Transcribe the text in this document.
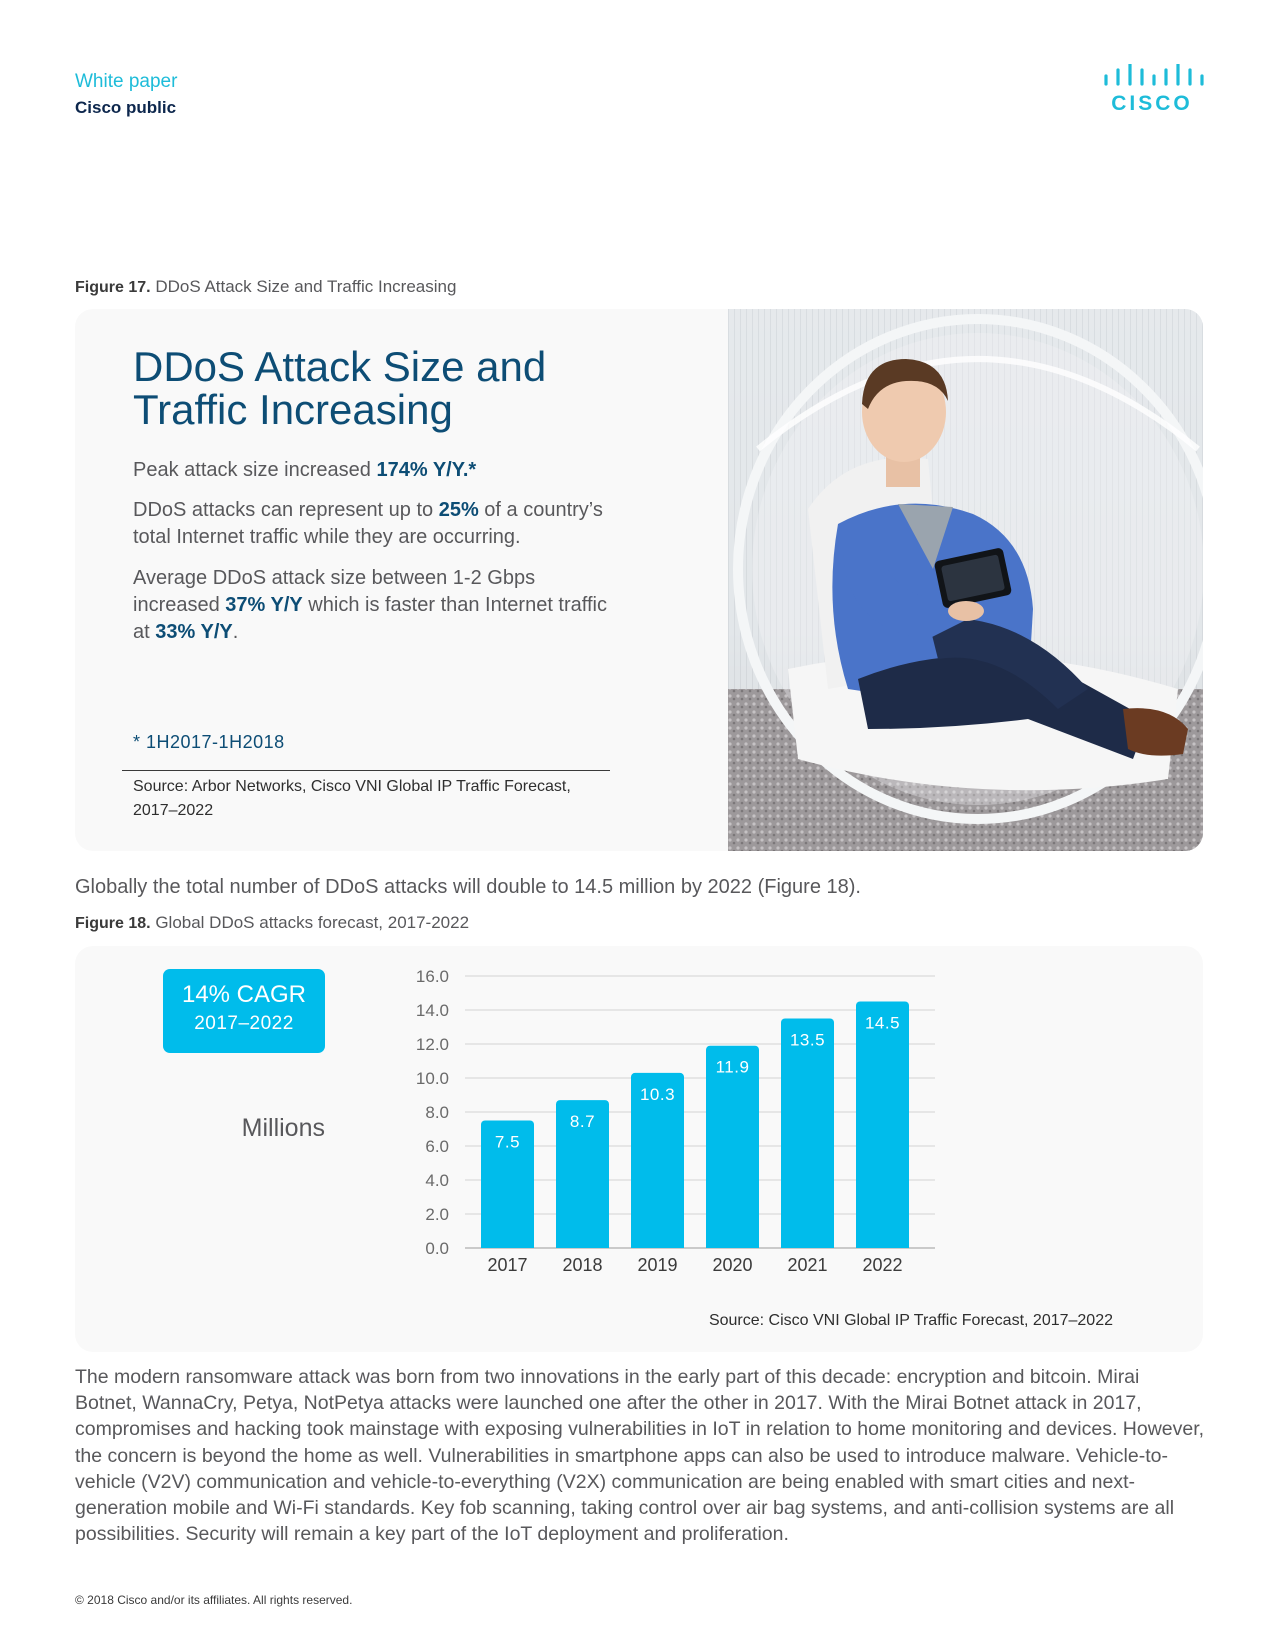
White paper
Cisco public	CISCO
Figure 17. DDoS Attack Size and Traffic Increasing
DDoS Attack Size and
Traffic Increasing
Peak attack size increased 174% Y/Y.*
DDoS attacks can represent up to 25% of a country’s
total Internet traffic while they are occurring.
Average DDoS attack size between 1-2 Gbps
increased 37% Y/Y which is faster than Internet traffic
at 33% Y/Y.
* 1H2017-1H2018
Source: Arbor Networks, Cisco VNI Global IP Traffic Forecast,
2017–2022
Globally the total number of DDoS attacks will double to 14.5 million by 2022 (Figure 18).
Figure 18. Global DDoS attacks forecast, 2017-2022
14% CAGR
2017–2022
Millions
0.0
2.0
4.0
6.0
8.0
10.0
12.0
14.0
16.0
7.5
2017
8.7
2018
10.3
2019
11.9
2020
13.5
2021
14.5
2022
Source: Cisco VNI Global IP Traffic Forecast, 2017–2022
The modern ransomware attack was born from two innovations in the early part of this decade: encryption and bitcoin. Mirai Botnet, WannaCry, Petya, NotPetya attacks were launched one after the other in 2017. With the Mirai Botnet attack in 2017, compromises and hacking took mainstage with exposing vulnerabilities in IoT in relation to home monitoring and devices. However, the concern is beyond the home as well. Vulnerabilities in smartphone apps can also be used to introduce malware. Vehicle-to-vehicle (V2V) communication and vehicle-to-everything (V2X) communication are being enabled with smart cities and next-generation mobile and Wi-Fi standards. Key fob scanning, taking control over air bag systems, and anti-collision systems are all possibilities. Security will remain a key part of the IoT deployment and proliferation.
© 2018 Cisco and/or its affiliates. All rights reserved.
